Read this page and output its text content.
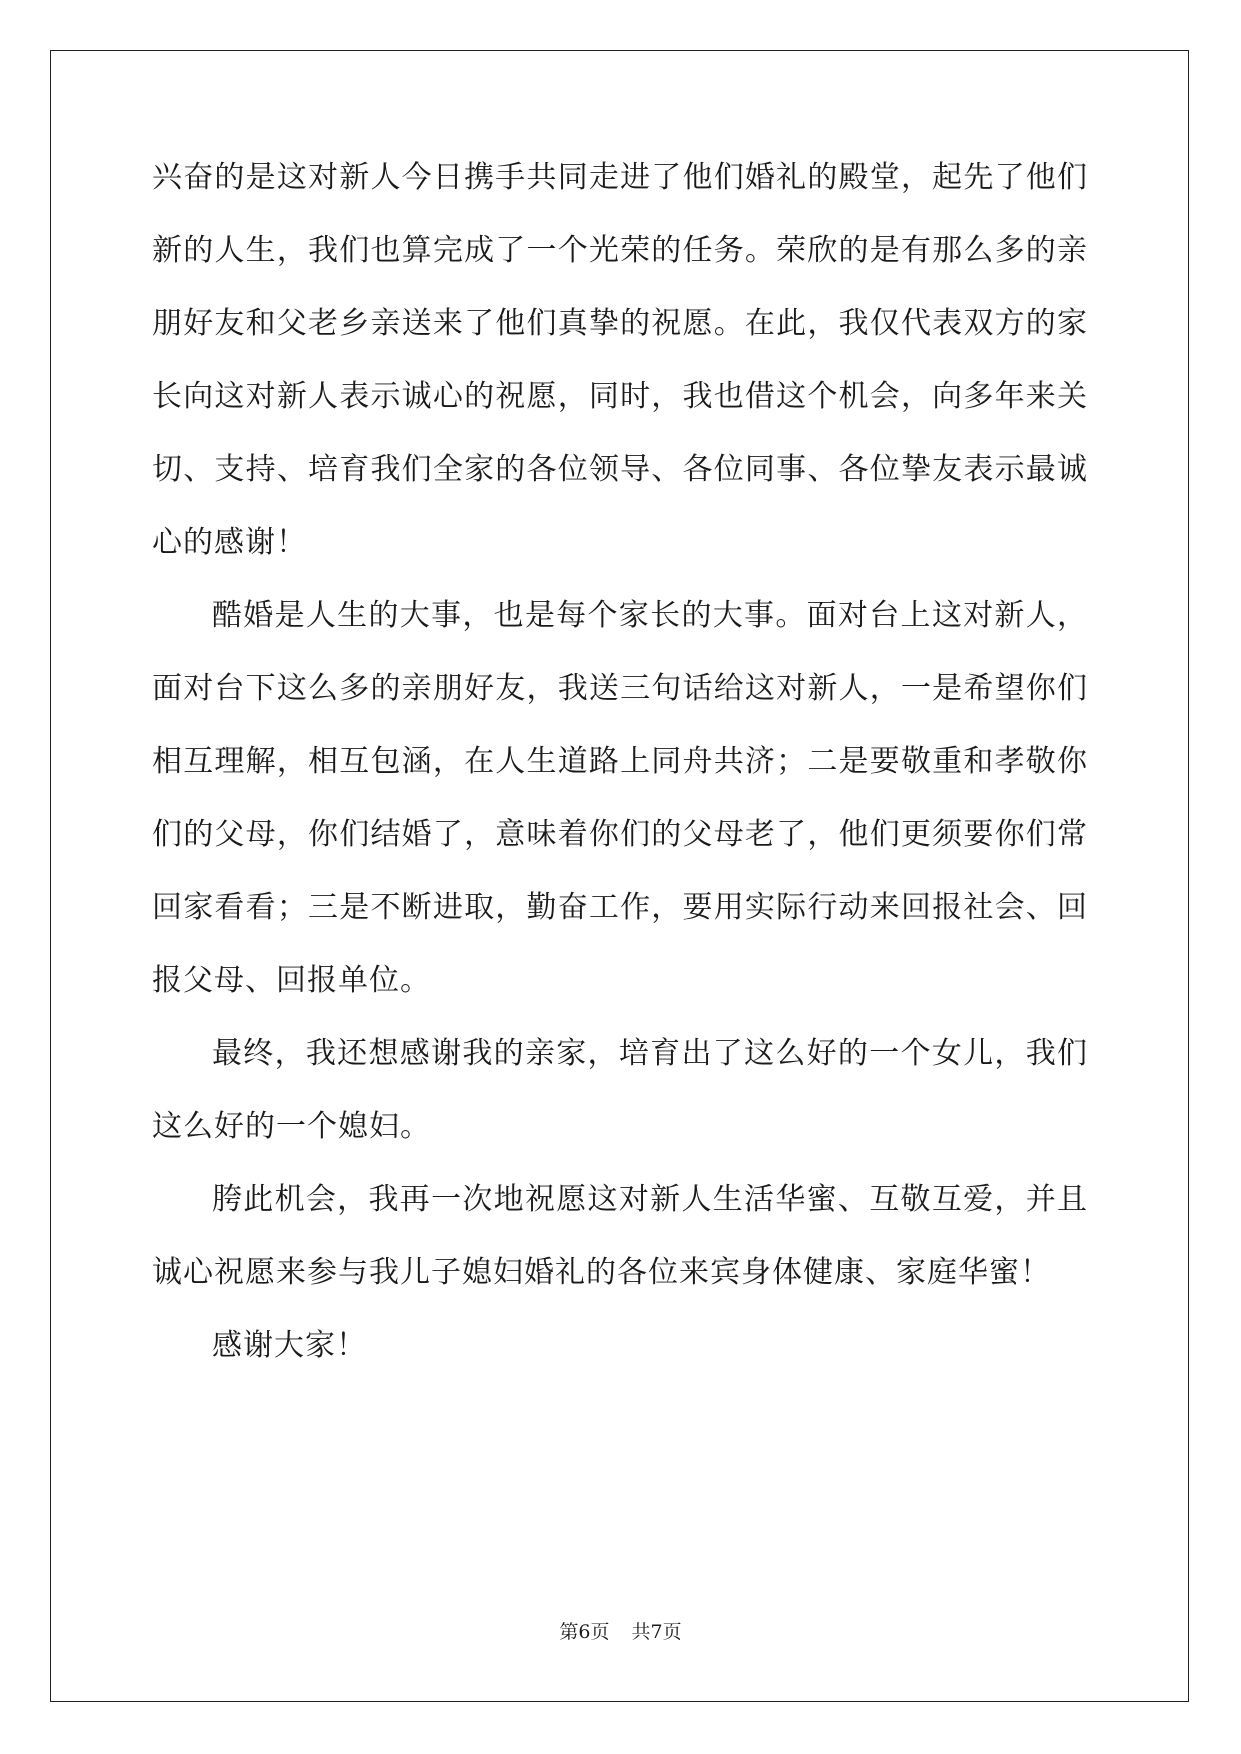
兴奋的是这对新人今日携手共同走进了他们婚礼的殿堂，起先了他们
新的人生，我们也算完成了一个光荣的任务。荣欣的是有那么多的亲
朋好友和父老乡亲送来了他们真挚的祝愿。在此，我仅代表双方的家
长向这对新人表示诚心的祝愿，同时，我也借这个机会，向多年来关
切、支持、培育我们全家的各位领导、各位同事、各位挚友表示最诚
心的感谢！
酷婚是人生的大事，也是每个家长的大事。面对台上这对新人，
面对台下这么多的亲朋好友，我送三句话给这对新人，一是希望你们
相互理解，相互包涵，在人生道路上同舟共济；二是要敬重和孝敬你
们的父母，你们结婚了，意味着你们的父母老了，他们更须要你们常
回家看看；三是不断进取，勤奋工作，要用实际行动来回报社会、回
报父母、回报单位。
最终，我还想感谢我的亲家，培育出了这么好的一个女儿，我们
这么好的一个媳妇。
胯此机会，我再一次地祝愿这对新人生活华蜜、互敬互爱，并且
诚心祝愿来参与我儿子媳妇婚礼的各位来宾身体健康、家庭华蜜！
感谢大家！
第6页 共7页
